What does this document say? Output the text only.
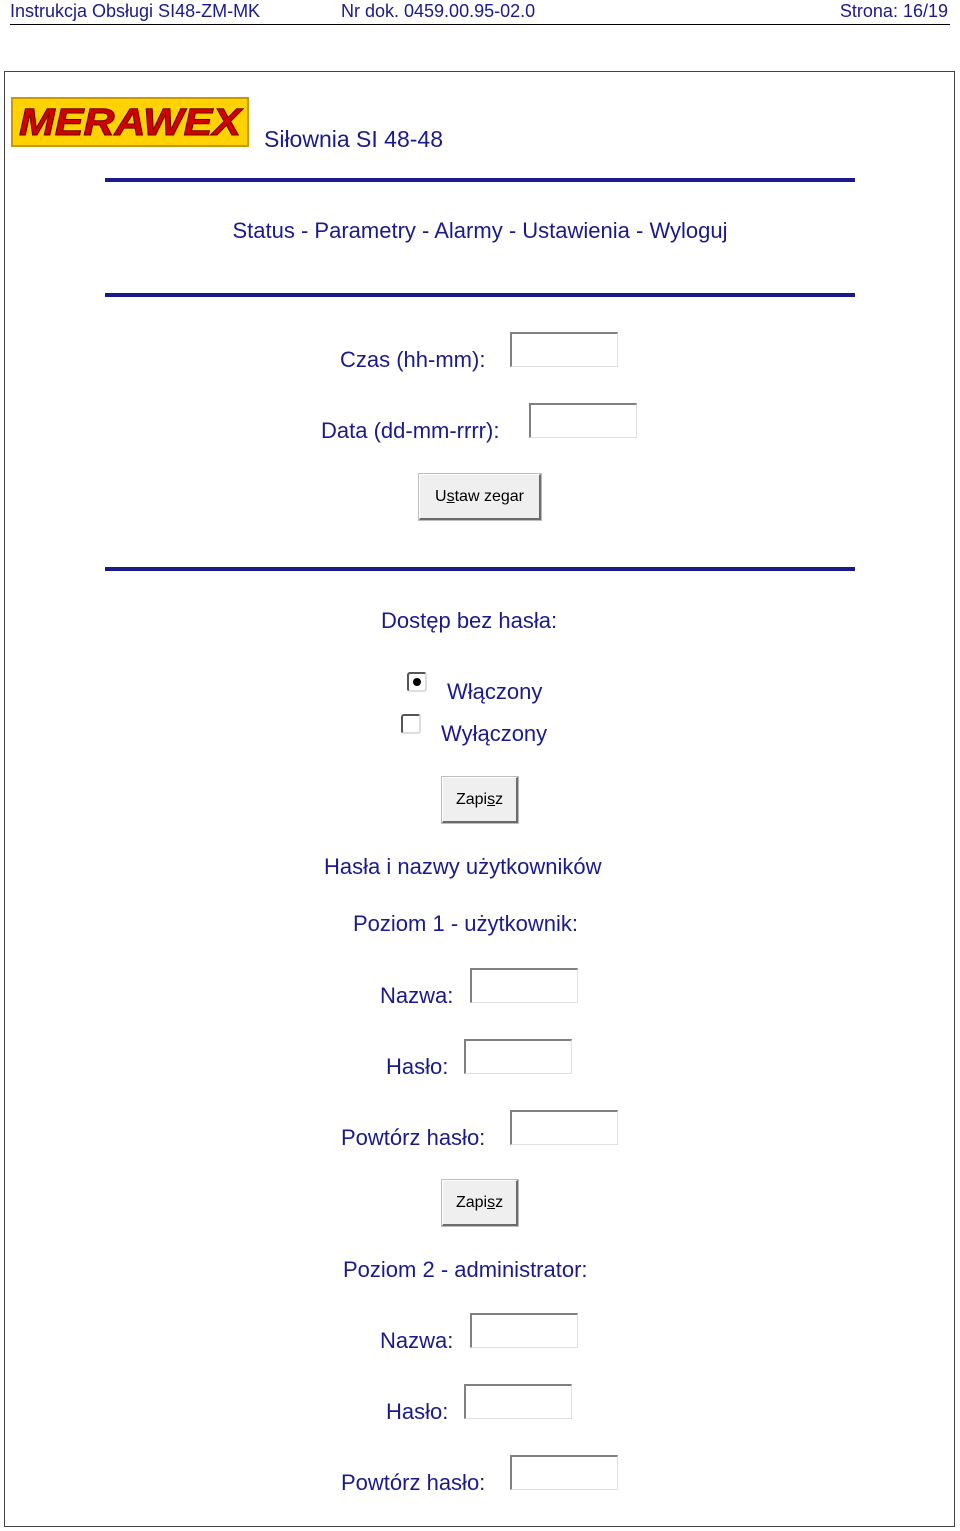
Instrukcja Obsługi SI48-ZM-MK	Nr dok. 0459.00.95-02.0	Strona: 16/19
MERAWEX Siłownia SI 48-48
Status - Parametry - Alarmy - Ustawienia - Wyloguj
Czas (hh-mm):
Data (dd-mm-rrrr):
Ustaw zegar
Dostęp bez hasła:
Włączony
Wyłączony
Zapisz
Hasła i nazwy użytkowników
Poziom 1 - użytkownik:
Nazwa:
Hasło:
Powtórz hasło:
Zapisz
Poziom 2 - administrator:
Nazwa:
Hasło:
Powtórz hasło:
